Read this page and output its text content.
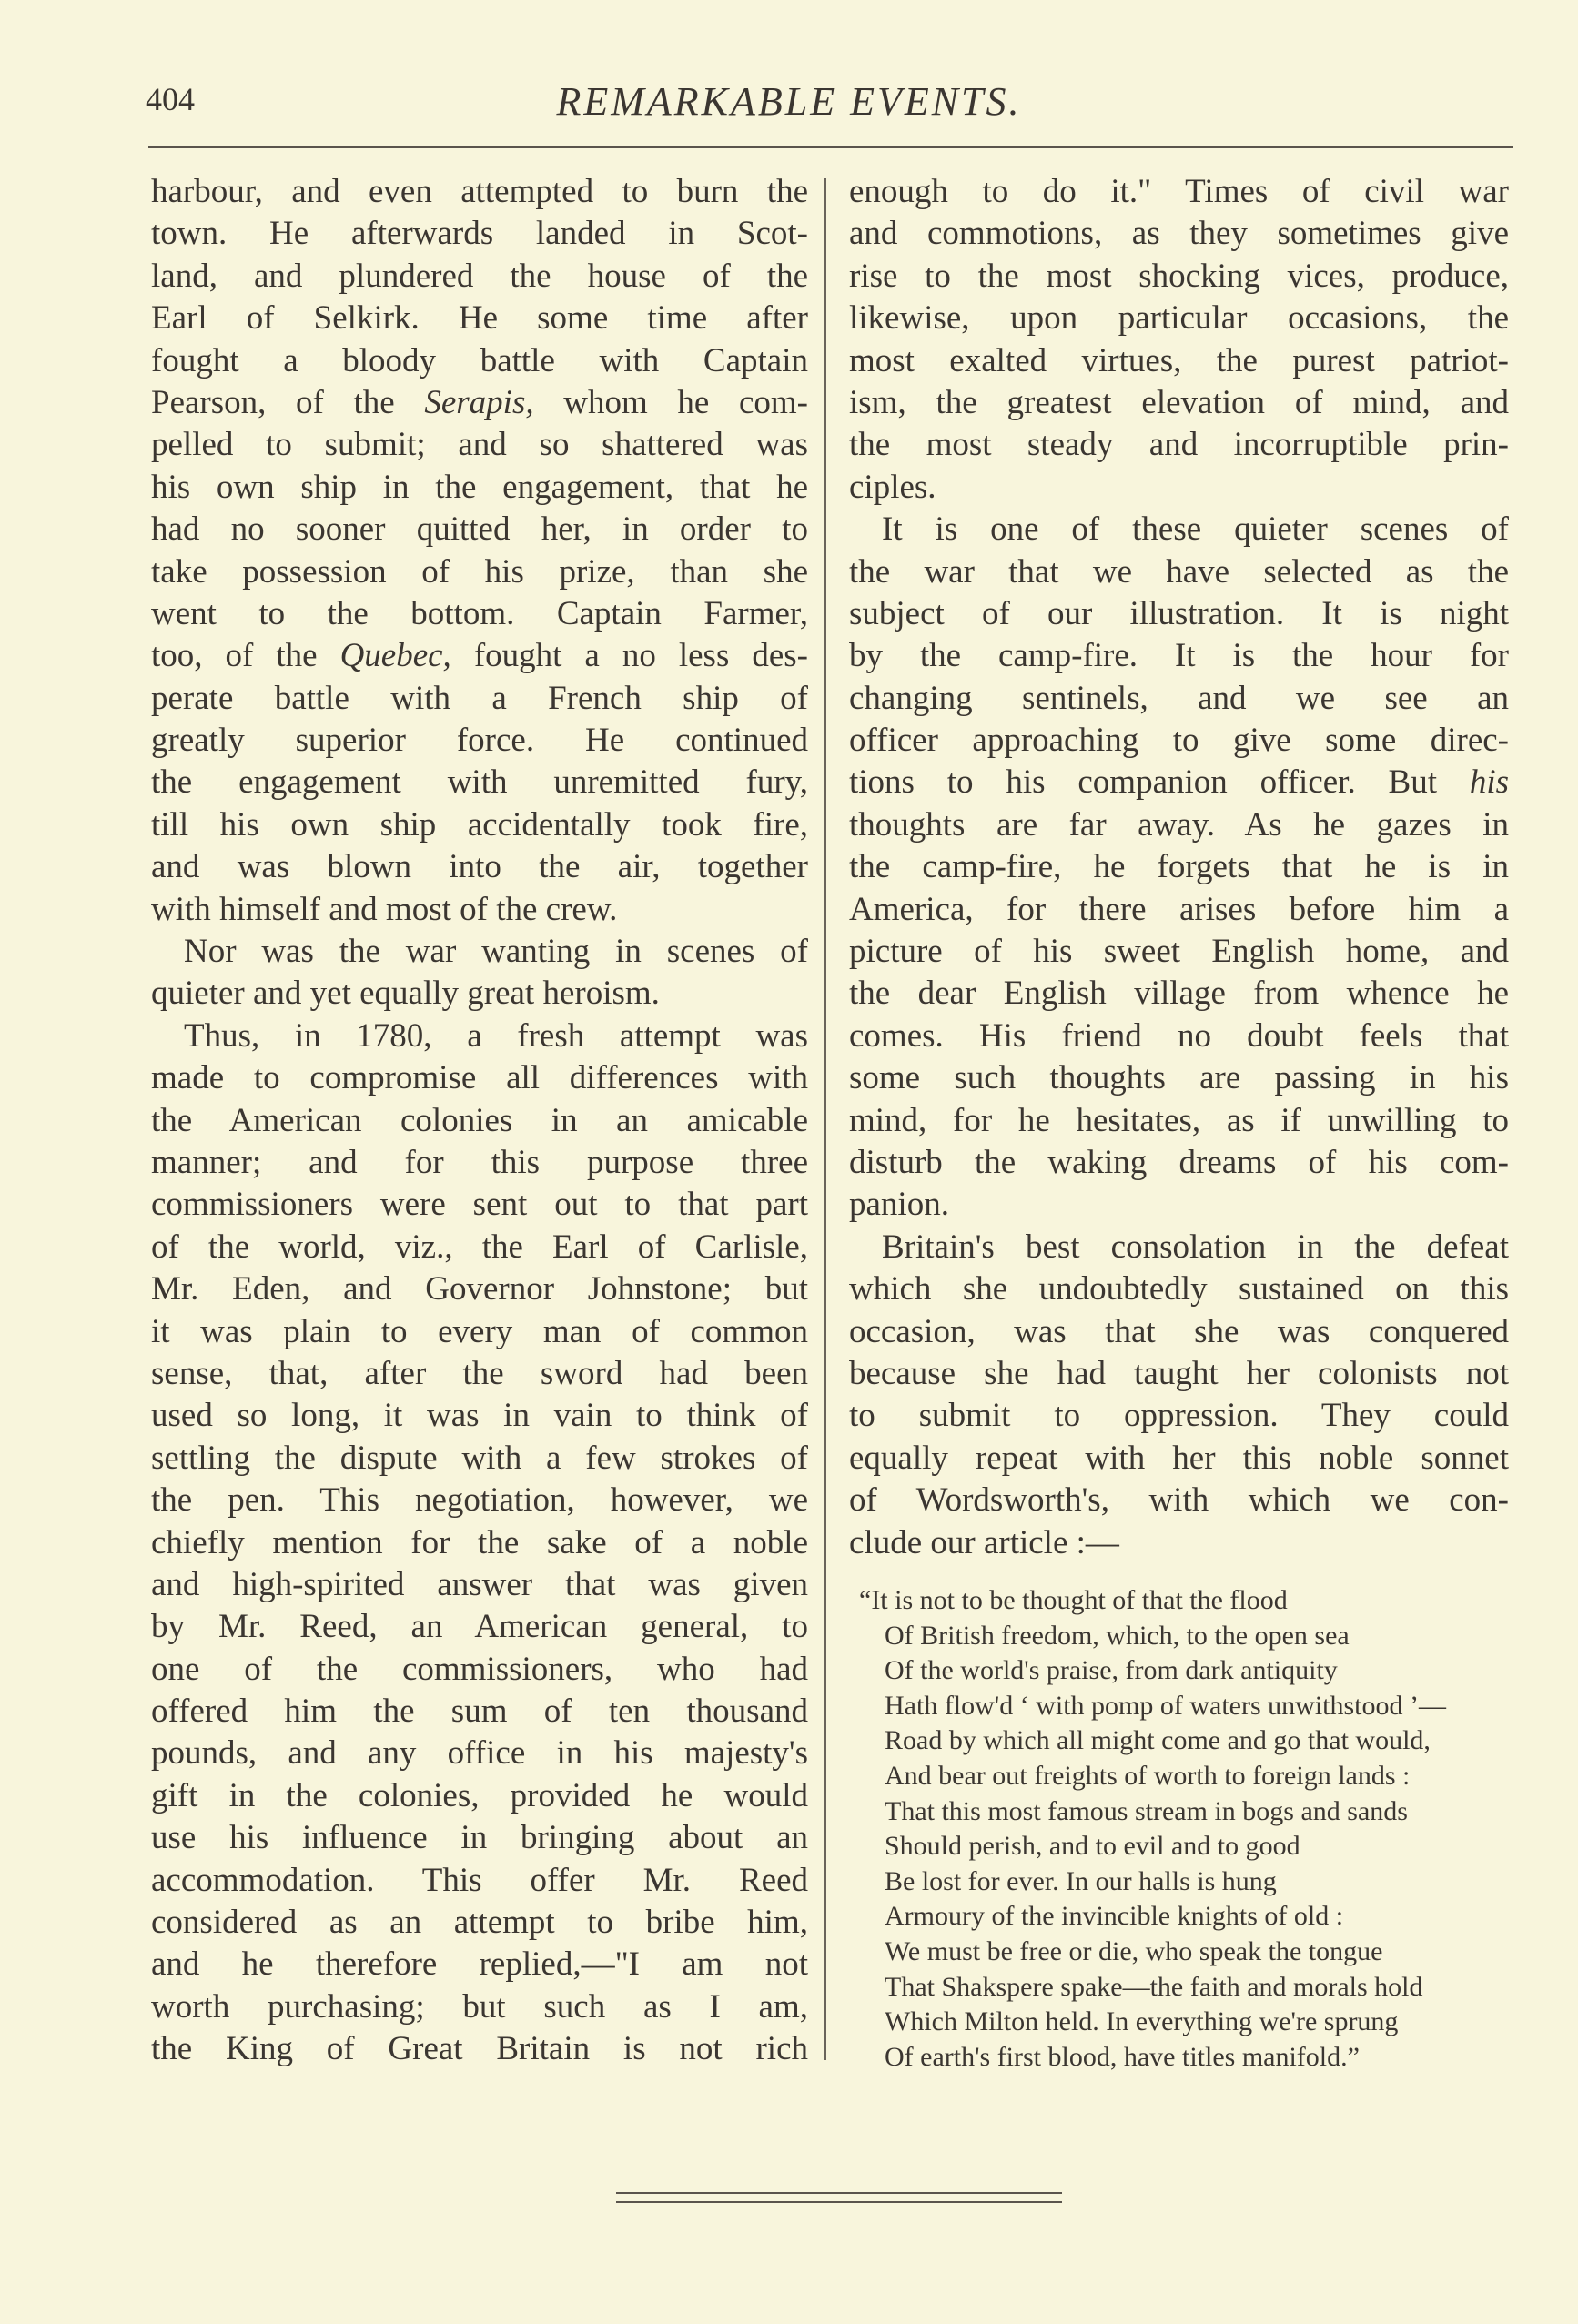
404	REMARKABLE EVENTS.
harbour, and even attempted to burn the
town. He afterwards landed in Scot-
land, and plundered the house of the
Earl of Selkirk. He some time after
fought a bloody battle with Captain
Pearson, of the Serapis, whom he com-
pelled to submit; and so shattered was
his own ship in the engagement, that he
had no sooner quitted her, in order to
take possession of his prize, than she
went to the bottom. Captain Farmer,
too, of the Quebec, fought a no less des-
perate battle with a French ship of
greatly superior force. He continued
the engagement with unremitted fury,
till his own ship accidentally took fire,
and was blown into the air, together
with himself and most of the crew.
Nor was the war wanting in scenes of
quieter and yet equally great heroism.
Thus, in 1780, a fresh attempt was
made to compromise all differences with
the American colonies in an amicable
manner; and for this purpose three
commissioners were sent out to that part
of the world, viz., the Earl of Carlisle,
Mr. Eden, and Governor Johnstone; but
it was plain to every man of common
sense, that, after the sword had been
used so long, it was in vain to think of
settling the dispute with a few strokes of
the pen. This negotiation, however, we
chiefly mention for the sake of a noble
and high-spirited answer that was given
by Mr. Reed, an American general, to
one of the commissioners, who had
offered him the sum of ten thousand
pounds, and any office in his majesty's
gift in the colonies, provided he would
use his influence in bringing about an
accommodation. This offer Mr. Reed
considered as an attempt to bribe him,
and he therefore replied,—"I am not
worth purchasing; but such as I am,
the King of Great Britain is not rich
enough to do it." Times of civil war
and commotions, as they sometimes give
rise to the most shocking vices, produce,
likewise, upon particular occasions, the
most exalted virtues, the purest patriot-
ism, the greatest elevation of mind, and
the most steady and incorruptible prin-
ciples.
It is one of these quieter scenes of
the war that we have selected as the
subject of our illustration. It is night
by the camp-fire. It is the hour for
changing sentinels, and we see an
officer approaching to give some direc-
tions to his companion officer. But his
thoughts are far away. As he gazes in
the camp-fire, he forgets that he is in
America, for there arises before him a
picture of his sweet English home, and
the dear English village from whence he
comes. His friend no doubt feels that
some such thoughts are passing in his
mind, for he hesitates, as if unwilling to
disturb the waking dreams of his com-
panion.
Britain's best consolation in the defeat
which she undoubtedly sustained on this
occasion, was that she was conquered
because she had taught her colonists not
to submit to oppression. They could
equally repeat with her this noble sonnet
of Wordsworth's, with which we con-
clude our article :—
“It is not to be thought of that the flood
Of British freedom, which, to the open sea
Of the world's praise, from dark antiquity
Hath flow'd ‘ with pomp of waters unwithstood ’—
Road by which all might come and go that would,
And bear out freights of worth to foreign lands :
That this most famous stream in bogs and sands
Should perish, and to evil and to good
Be lost for ever. In our halls is hung
Armoury of the invincible knights of old :
We must be free or die, who speak the tongue
That Shakspere spake—the faith and morals hold
Which Milton held. In everything we're sprung
Of earth's first blood, have titles manifold.”
